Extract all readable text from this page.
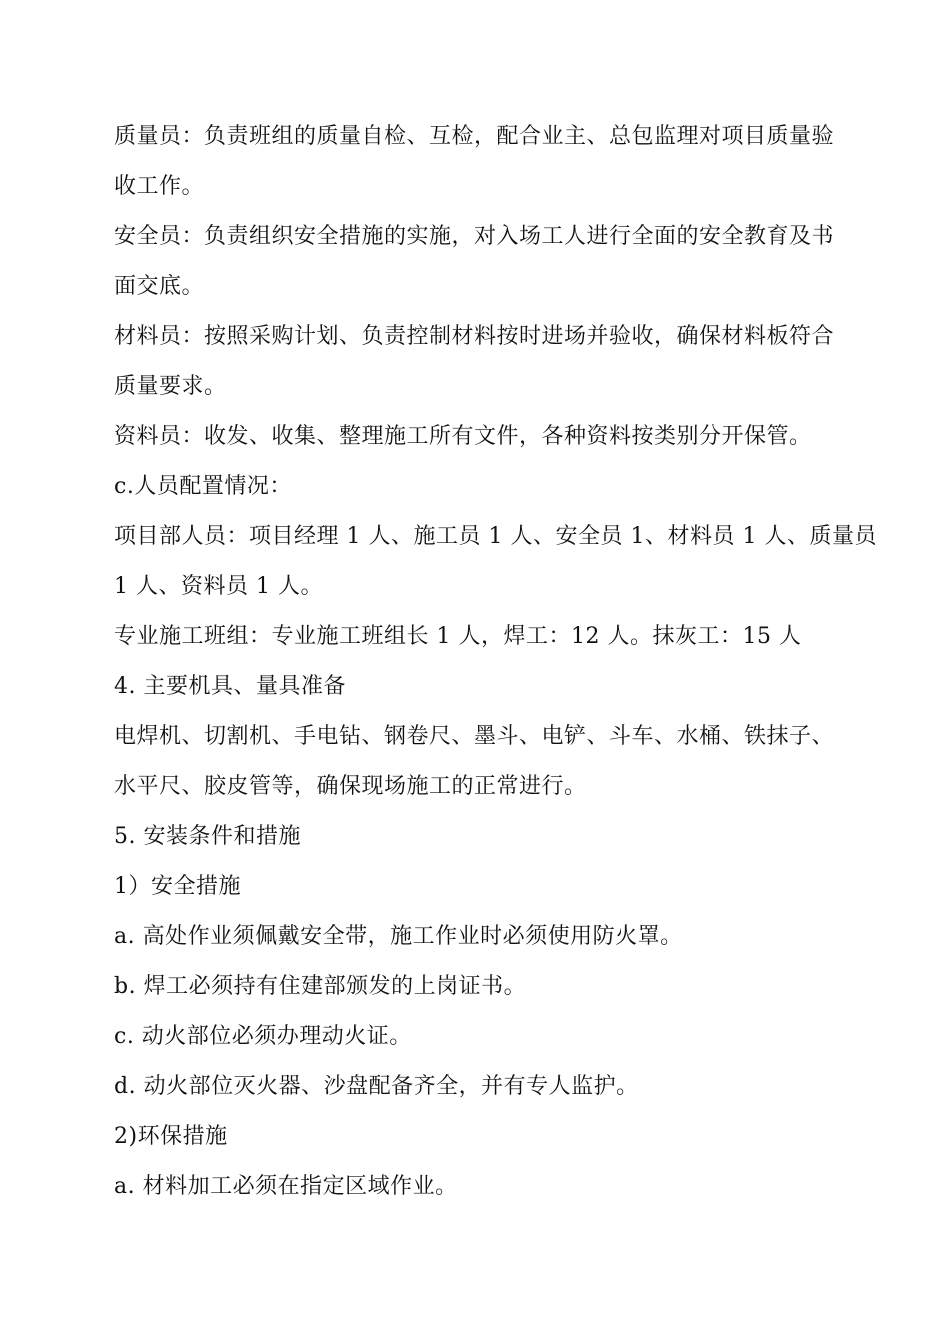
质量员：负责班组的质量自检、互检，配合业主、总包监理对项目质量验

收工作。

安全员：负责组织安全措施的实施，对入场工人进行全面的安全教育及书

面交底。

材料员：按照采购计划、负责控制材料按时进场并验收，确保材料板符合

质量要求。

资料员：收发、收集、整理施工所有文件，各种资料按类别分开保管。

c.人员配置情况：

项目部人员：项目经理 1 人、施工员 1 人、安全员 1、材料员 1 人、质量员

1 人、资料员 1 人。

专业施工班组：专业施工班组长 1 人，焊工：12 人。抹灰工：15 人

4. 主要机具、量具准备

电焊机、切割机、手电钻、钢卷尺、墨斗、电铲、斗车、水桶、铁抹子、

水平尺、胶皮管等，确保现场施工的正常进行。

5. 安装条件和措施

1）安全措施

a. 高处作业须佩戴安全带，施工作业时必须使用防火罩。

b. 焊工必须持有住建部颁发的上岗证书。

c. 动火部位必须办理动火证。

d. 动火部位灭火器、沙盘配备齐全，并有专人监护。

2)环保措施

a. 材料加工必须在指定区域作业。
